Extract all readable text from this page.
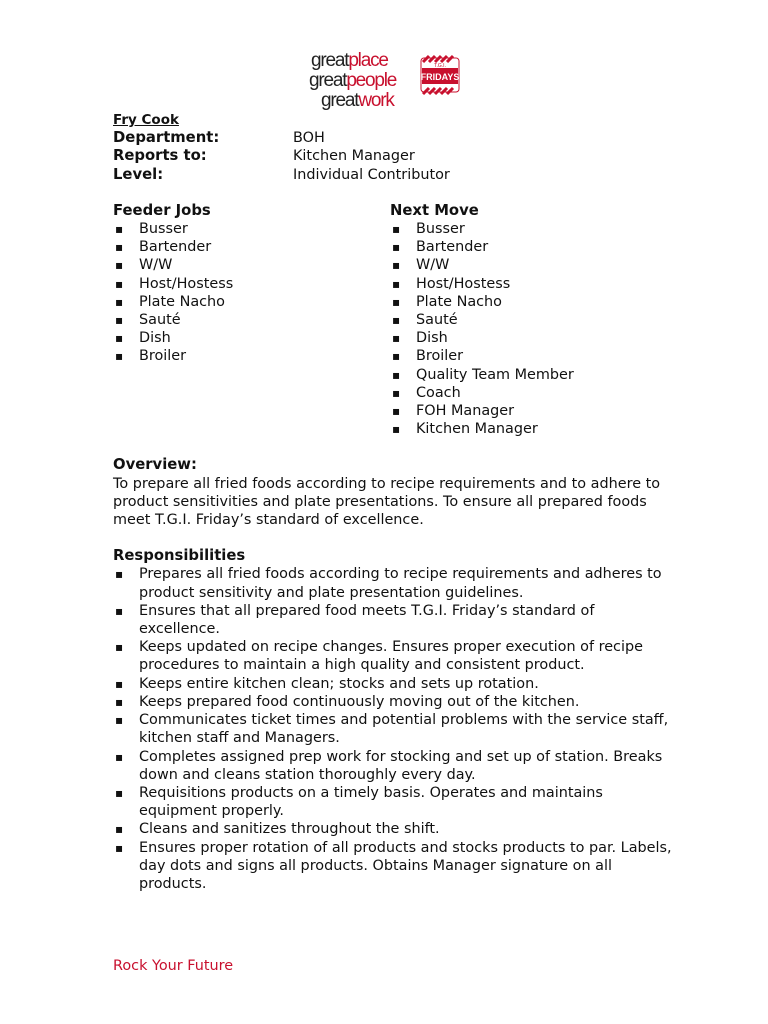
greatplace
greatpeople
greatwork
T.G.I.
FRIDAYS
Fry Cook
Department:	BOH
Reports to:	Kitchen Manager
Level:	Individual Contributor
Feeder Jobs
▪ Busser
▪ Bartender
▪ W/W
▪ Host/Hostess
▪ Plate Nacho
▪ Sauté
▪ Dish
▪ Broiler
Next Move
▪ Busser
▪ Bartender
▪ W/W
▪ Host/Hostess
▪ Plate Nacho
▪ Sauté
▪ Dish
▪ Broiler
▪ Quality Team Member
▪ Coach
▪ FOH Manager
▪ Kitchen Manager
Overview:

To prepare all fried foods according to recipe requirements and to adhere to product sensitivities and plate presentations. To ensure all prepared foods meet T.G.I. Friday’s standard of excellence.

Responsibilities
▪ Prepares all fried foods according to recipe requirements and adheres to product sensitivity and plate presentation guidelines.
▪ Ensures that all prepared food meets T.G.I. Friday’s standard of excellence.
▪ Keeps updated on recipe changes. Ensures proper execution of recipe procedures to maintain a high quality and consistent product.
▪ Keeps entire kitchen clean; stocks and sets up rotation.
▪ Keeps prepared food continuously moving out of the kitchen.
▪ Communicates ticket times and potential problems with the service staff, kitchen staff and Managers.
▪ Completes assigned prep work for stocking and set up of station. Breaks down and cleans station thoroughly every day.
▪ Requisitions products on a timely basis. Operates and maintains equipment properly.
▪ Cleans and sanitizes throughout the shift.
▪ Ensures proper rotation of all products and stocks products to par. Labels, day dots and signs all products. Obtains Manager signature on all products.
Rock Your Future
